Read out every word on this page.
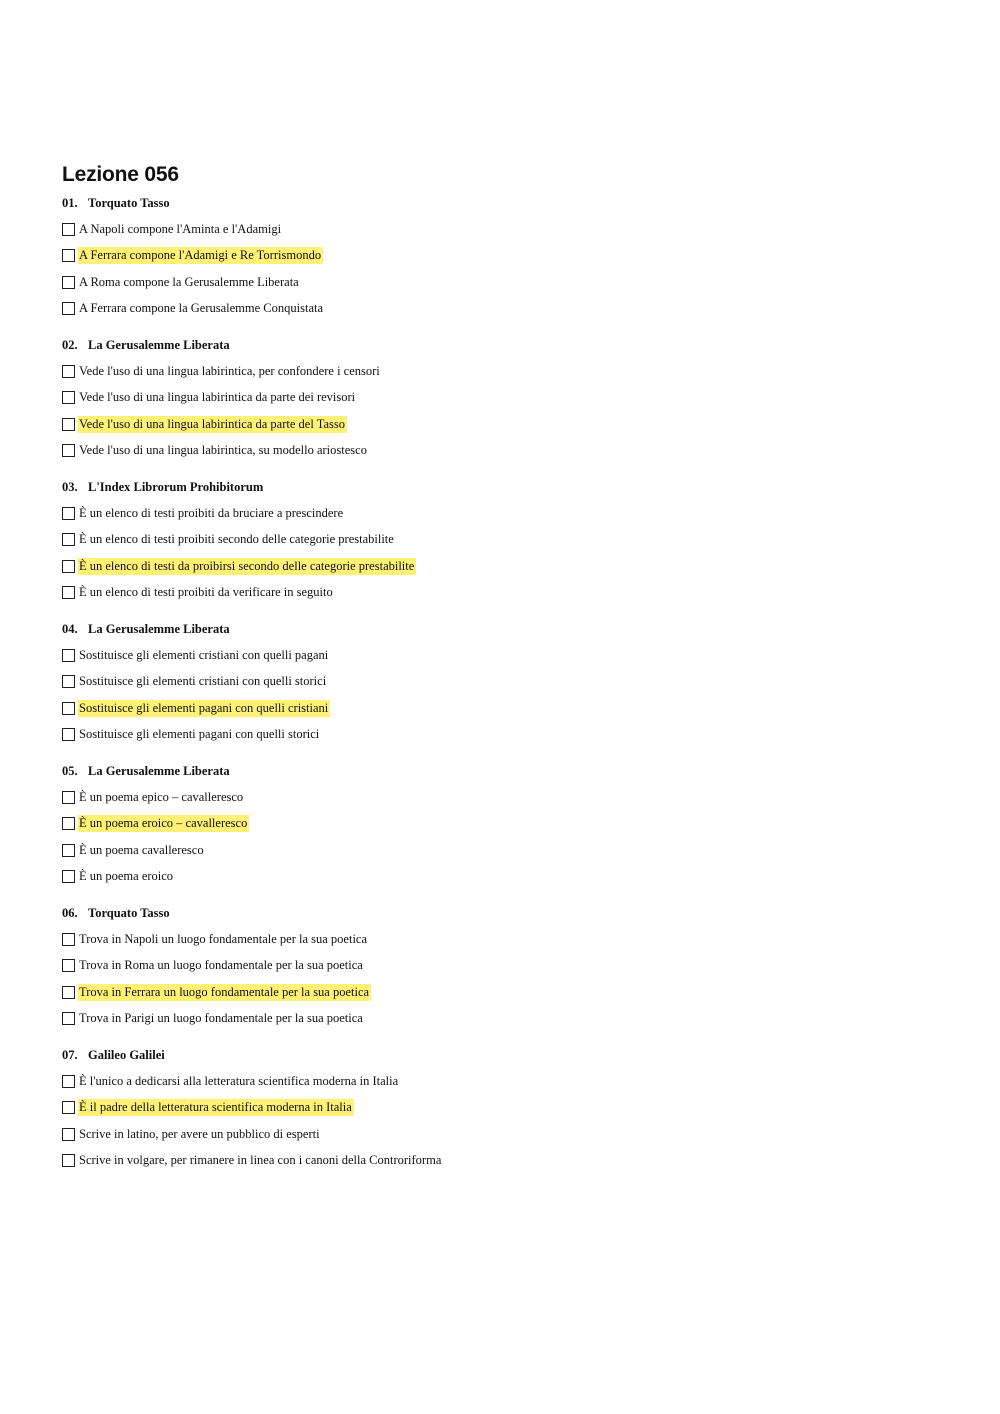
Lezione 056
01. Torquato Tasso
A Napoli compone l'Aminta e l'Adamigi
A Ferrara compone l'Adamigi e Re Torrismondo
A Roma compone la Gerusalemme Liberata
A Ferrara compone la Gerusalemme Conquistata
02. La Gerusalemme Liberata
Vede l'uso di una lingua labirintica, per confondere i censori
Vede l'uso di una lingua labirintica da parte dei revisori
Vede l'uso di una lingua labirintica da parte del Tasso
Vede l'uso di una lingua labirintica, su modello ariostesco
03. L'Index Librorum Prohibitorum
È un elenco di testi proibiti da bruciare a prescindere
È un elenco di testi proibiti secondo delle categorie prestabilite
È un elenco di testi da proibirsi secondo delle categorie prestabilite
È un elenco di testi proibiti da verificare in seguito
04. La Gerusalemme Liberata
Sostituisce gli elementi cristiani con quelli pagani
Sostituisce gli elementi cristiani con quelli storici
Sostituisce gli elementi pagani con quelli cristiani
Sostituisce gli elementi pagani con quelli storici
05. La Gerusalemme Liberata
È un poema epico – cavalleresco
È un poema eroico – cavalleresco
È un poema cavalleresco
È un poema eroico
06. Torquato Tasso
Trova in Napoli un luogo fondamentale per la sua poetica
Trova in Roma un luogo fondamentale per la sua poetica
Trova in Ferrara un luogo fondamentale per la sua poetica
Trova in Parigi un luogo fondamentale per la sua poetica
07. Galileo Galilei
È l'unico a dedicarsi alla letteratura scientifica moderna in Italia
È il padre della letteratura scientifica moderna in Italia
Scrive in latino, per avere un pubblico di esperti
Scrive in volgare, per rimanere in linea con i canoni della Controriforma
